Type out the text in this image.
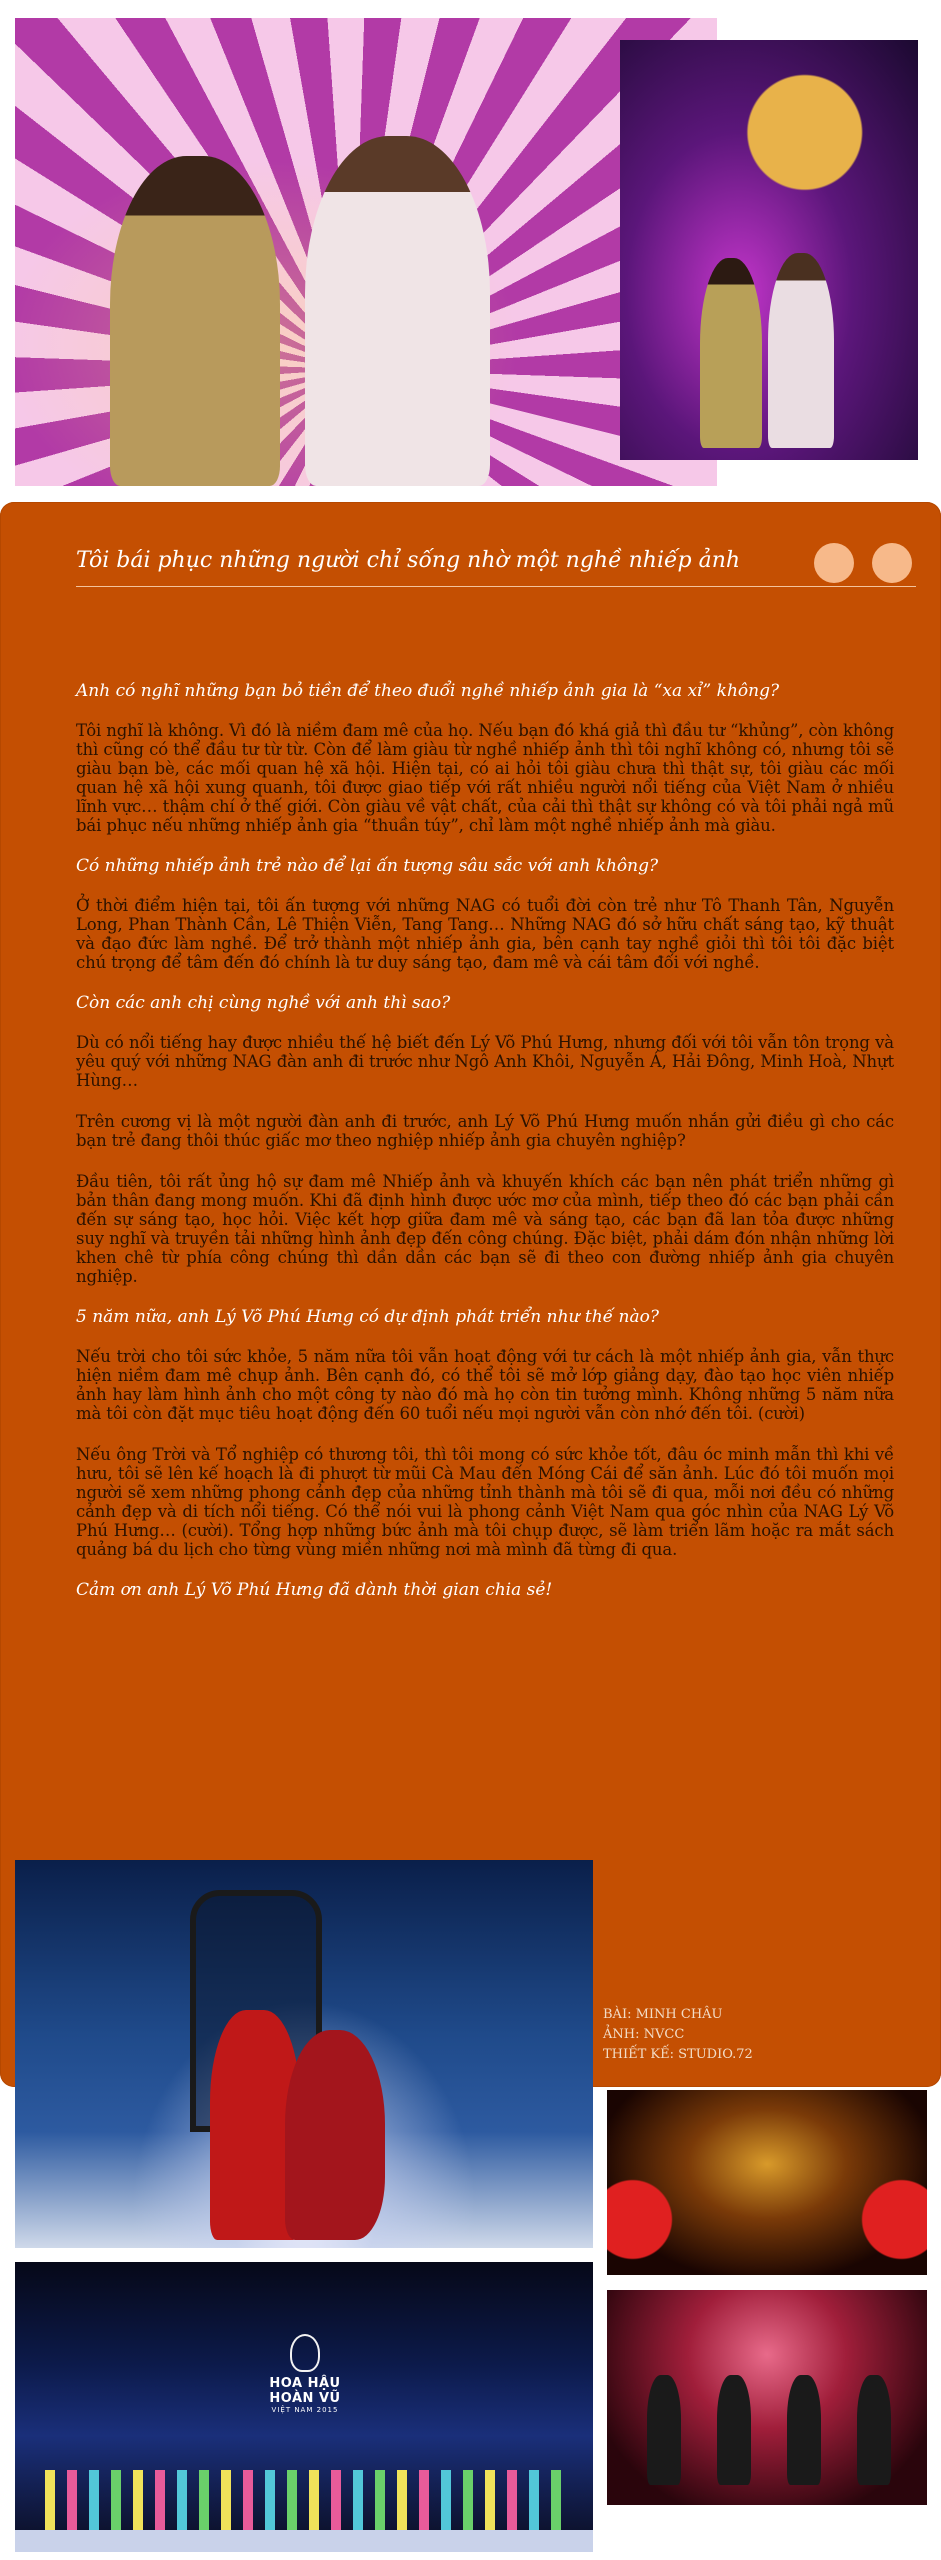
Tôi bái phục những người chỉ sống nhờ một nghề nhiếp ảnh

Anh có nghĩ những bạn bỏ tiền để theo đuổi nghề nhiếp ảnh gia là “xa xỉ” không?

Tôi nghĩ là không. Vì đó là niềm đam mê của họ. Nếu bạn đó khá giả thì đầu tư “khủng”, còn không thì cũng có thể đầu tư từ từ. Còn để làm giàu từ nghề nhiếp ảnh thì tôi nghĩ không có, nhưng tôi sẽ giàu bạn bè, các mối quan hệ xã hội. Hiện tại, có ai hỏi tôi giàu chưa thì thật sự, tôi giàu các mối quan hệ xã hội xung quanh, tôi được giao tiếp với rất nhiều người nổi tiếng của Việt Nam ở nhiều lĩnh vực… thậm chí ở thế giới. Còn giàu về vật chất, của cải thì thật sự không có và tôi phải ngả mũ bái phục nếu những nhiếp ảnh gia “thuần túy”, chỉ làm một nghề nhiếp ảnh mà giàu.

Có những nhiếp ảnh trẻ nào để lại ấn tượng sâu sắc với anh không?

Ở thời điểm hiện tại, tôi ấn tượng với những NAG có tuổi đời còn trẻ như Tô Thanh Tân, Nguyễn Long, Phan Thành Cần, Lê Thiện Viễn, Tang Tang… Những NAG đó sở hữu chất sáng tạo, kỹ thuật và đạo đức làm nghề. Để trở thành một nhiếp ảnh gia, bên cạnh tay nghề giỏi thì tôi tôi đặc biệt chú trọng để tâm đến đó chính là tư duy sáng tạo, đam mê và cái tâm đối với nghề.

Còn các anh chị cùng nghề với anh thì sao?

Dù có nổi tiếng hay được nhiều thế hệ biết đến Lý Võ Phú Hưng, nhưng đối với tôi vẫn tôn trọng và yêu quý với những NAG đàn anh đi trước như Ngô Anh Khôi, Nguyễn Á, Hải Đông, Minh Hoà, Nhựt Hùng…

Trên cương vị là một người đàn anh đi trước, anh Lý Võ Phú Hưng muốn nhắn gửi điều gì cho các bạn trẻ đang thôi thúc giấc mơ theo nghiệp nhiếp ảnh gia chuyên nghiệp?

Đầu tiên, tôi rất ủng hộ sự đam mê Nhiếp ảnh và khuyến khích các bạn nên phát triển những gì bản thân đang mong muốn. Khi đã định hình được ước mơ của mình, tiếp theo đó các bạn phải cần đến sự sáng tạo, học hỏi. Việc kết hợp giữa đam mê và sáng tạo, các bạn đã lan tỏa được những suy nghĩ và truyền tải những hình ảnh đẹp đến công chúng. Đặc biệt, phải dám đón nhận những lời khen chê từ phía công chúng thì dần dần các bạn sẽ đi theo con đường nhiếp ảnh gia chuyên nghiệp.

5 năm nữa, anh Lý Võ Phú Hưng có dự định phát triển như thế nào?

Nếu trời cho tôi sức khỏe, 5 năm nữa tôi vẫn hoạt động với tư cách là một nhiếp ảnh gia, vẫn thực hiện niềm đam mê chụp ảnh. Bên cạnh đó, có thể tôi sẽ mở lớp giảng dạy, đào tạo học viên nhiếp ảnh hay làm hình ảnh cho một công ty nào đó mà họ còn tin tưởng mình. Không những 5 năm nữa mà tôi còn đặt mục tiêu hoạt động đến 60 tuổi nếu mọi người vẫn còn nhớ đến tôi. (cười)

Nếu ông Trời và Tổ nghiệp có thương tôi, thì tôi mong có sức khỏe tốt, đâu óc minh mẫn thì khi về hưu, tôi sẽ lên kế hoạch là đi phượt từ mũi Cà Mau đến Móng Cái để săn ảnh. Lúc đó tôi muốn mọi người sẽ xem những phong cảnh đẹp của những tỉnh thành mà tôi sẽ đi qua, mỗi nơi đều có những cảnh đẹp và di tích nổi tiếng. Có thể nói vui là phong cảnh Việt Nam qua góc nhìn của NAG Lý Võ Phú Hưng… (cười). Tổng hợp những bức ảnh mà tôi chụp được, sẽ làm triển lãm hoặc ra mắt sách quảng bá du lịch cho từng vùng miền những nơi mà mình đã từng đi qua.

Cảm ơn anh Lý Võ Phú Hưng đã dành thời gian chia sẻ!

BÀI: MINH CHÂU
ẢNH: NVCC
THIẾT KẾ: STUDIO.72
HOA HẬU HOÀN VŨ
VIỆT NAM 2015
